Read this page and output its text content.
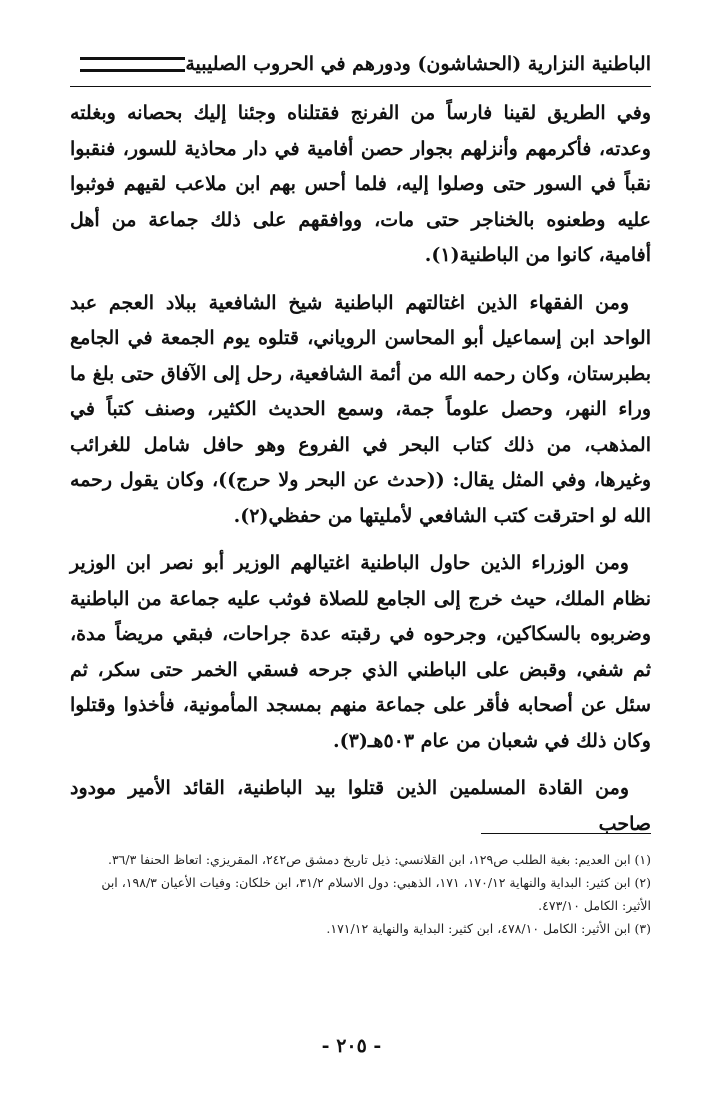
الباطنية النزارية (الحشاشون) ودورهم في الحروب الصليبية

وفي الطريق لقينا فارساً من الفرنج فقتلناه وجئنا إليك بحصانه وبغلته وعدته، فأكرمهم وأنزلهم بجوار حصن أفامية في دار محاذية للسور، فنقبوا نقباً في السور حتى وصلوا إليه، فلما أحس بهم ابن ملاعب لقيهم فوثبوا عليه وطعنوه بالخناجر حتى مات، ووافقهم على ذلك جماعة من أهل أفامية، كانوا من الباطنية(١).

ومن الفقهاء الذين اغتالتهم الباطنية شيخ الشافعية ببلاد العجم عبد الواحد ابن إسماعيل أبو المحاسن الروياني، قتلوه يوم الجمعة في الجامع بطبرستان، وكان رحمه الله من أئمة الشافعية، رحل إلى الآفاق حتى بلغ ما وراء النهر، وحصل علوماً جمة، وسمع الحديث الكثير، وصنف كتباً في المذهب، من ذلك كتاب البحر في الفروع وهو حافل شامل للغرائب وغيرها، وفي المثل يقال: ((حدث عن البحر ولا حرج))، وكان يقول رحمه الله لو احترقت كتب الشافعي لأمليتها من حفظي(٢).

ومن الوزراء الذين حاول الباطنية اغتيالهم الوزير أبو نصر ابن الوزير نظام الملك، حيث خرج إلى الجامع للصلاة فوثب عليه جماعة من الباطنية وضربوه بالسكاكين، وجرحوه في رقبته عدة جراحات، فبقي مريضاً مدة، ثم شفي، وقبض على الباطني الذي جرحه فسقي الخمر حتى سكر، ثم سئل عن أصحابه فأقر على جماعة منهم بمسجد المأمونية، فأخذوا وقتلوا وكان ذلك في شعبان من عام ٥٠٣هـ(٣).

ومن القادة المسلمين الذين قتلوا بيد الباطنية، القائد الأمير مودود صاحب

(١) ابن العديم: بغية الطلب ص١٢٩، ابن القلانسي: ذيل تاريخ دمشق ص٢٤٢، المقريزي: اتعاظ الحنفا ٣٦/٣.

(٢) ابن كثير: البداية والنهاية ١٧٠/١٢، ١٧١، الذهبي: دول الاسلام ٣١/٢، ابن خلكان: وفيات الأعيان ١٩٨/٣، ابن الأثير: الكامل ٤٧٣/١٠.

(٣) ابن الأثير: الكامل ٤٧٨/١٠، ابن كثير: البداية والنهاية ١٧١/١٢.

- ٢٠٥ -
